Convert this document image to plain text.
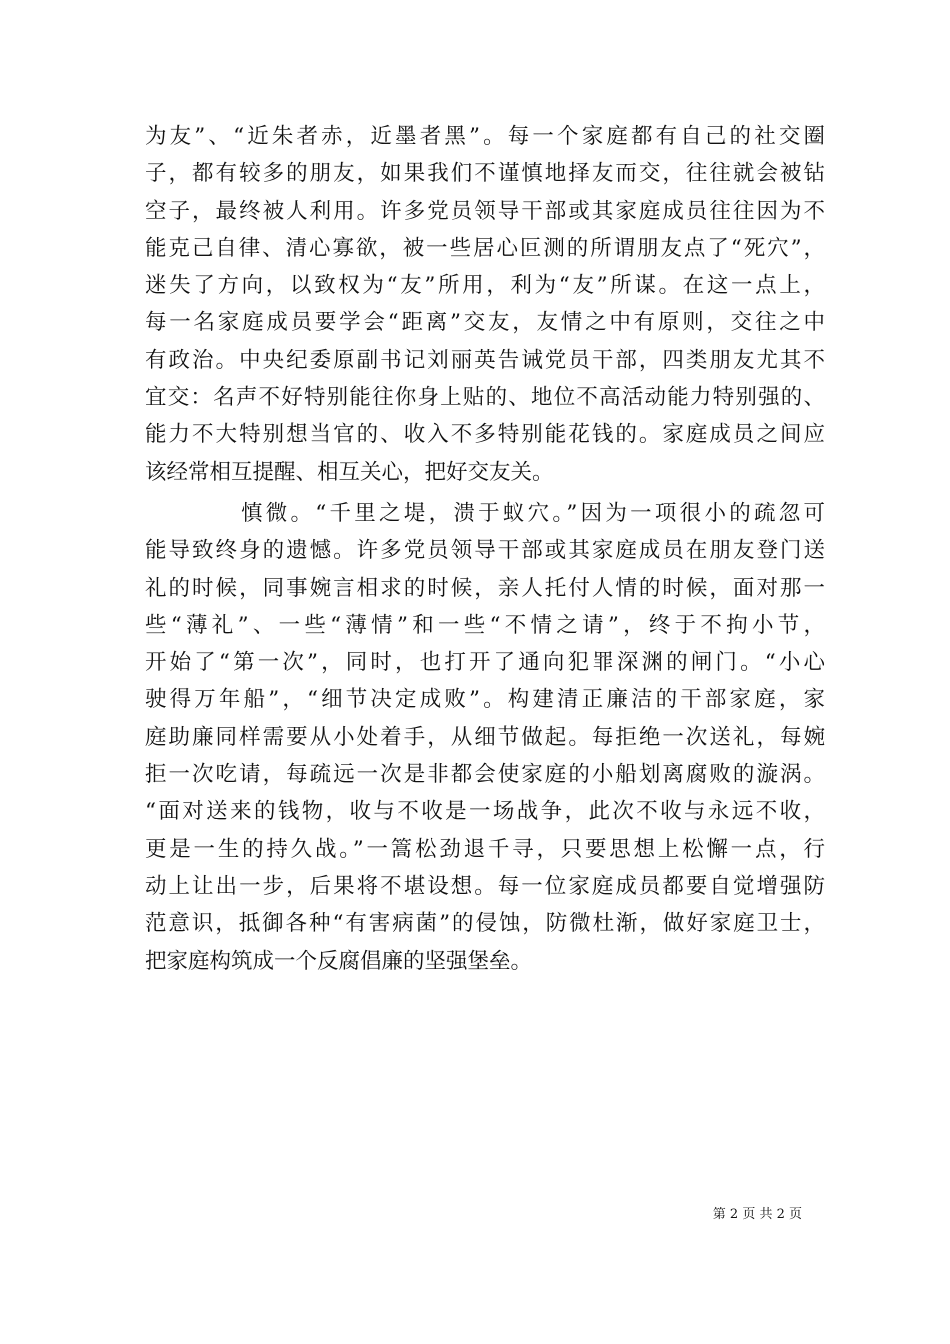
为友”、“近朱者赤，近墨者黑”。每一个家庭都有自己的社交圈
子，都有较多的朋友，如果我们不谨慎地择友而交，往往就会被钻
空子，最终被人利用。许多党员领导干部或其家庭成员往往因为不
能克己自律、清心寡欲，被一些居心叵测的所谓朋友点了“死穴”，
迷失了方向，以致权为“友”所用，利为“友”所谋。在这一点上，
每一名家庭成员要学会“距离”交友，友情之中有原则，交往之中
有政治。中央纪委原副书记刘丽英告诫党员干部，四类朋友尤其不
宜交：名声不好特别能往你身上贴的、地位不高活动能力特别强的、
能力不大特别想当官的、收入不多特别能花钱的。家庭成员之间应
该经常相互提醒、相互关心，把好交友关。
慎微。“千里之堤，溃于蚁穴。”因为一项很小的疏忽可
能导致终身的遗憾。许多党员领导干部或其家庭成员在朋友登门送
礼的时候，同事婉言相求的时候，亲人托付人情的时候，面对那一
些“薄礼”、一些“薄情”和一些“不情之请”，终于不拘小节，
开始了“第一次”，同时，也打开了通向犯罪深渊的闸门。“小心
驶得万年船”，“细节决定成败”。构建清正廉洁的干部家庭，家
庭助廉同样需要从小处着手，从细节做起。每拒绝一次送礼，每婉
拒一次吃请，每疏远一次是非都会使家庭的小船划离腐败的漩涡。
“面对送来的钱物，收与不收是一场战争，此次不收与永远不收，
更是一生的持久战。”一篙松劲退千寻，只要思想上松懈一点，行
动上让出一步，后果将不堪设想。每一位家庭成员都要自觉增强防
范意识，抵御各种“有害病菌”的侵蚀，防微杜渐，做好家庭卫士，
把家庭构筑成一个反腐倡廉的坚强堡垒。
第 2 页 共 2 页
